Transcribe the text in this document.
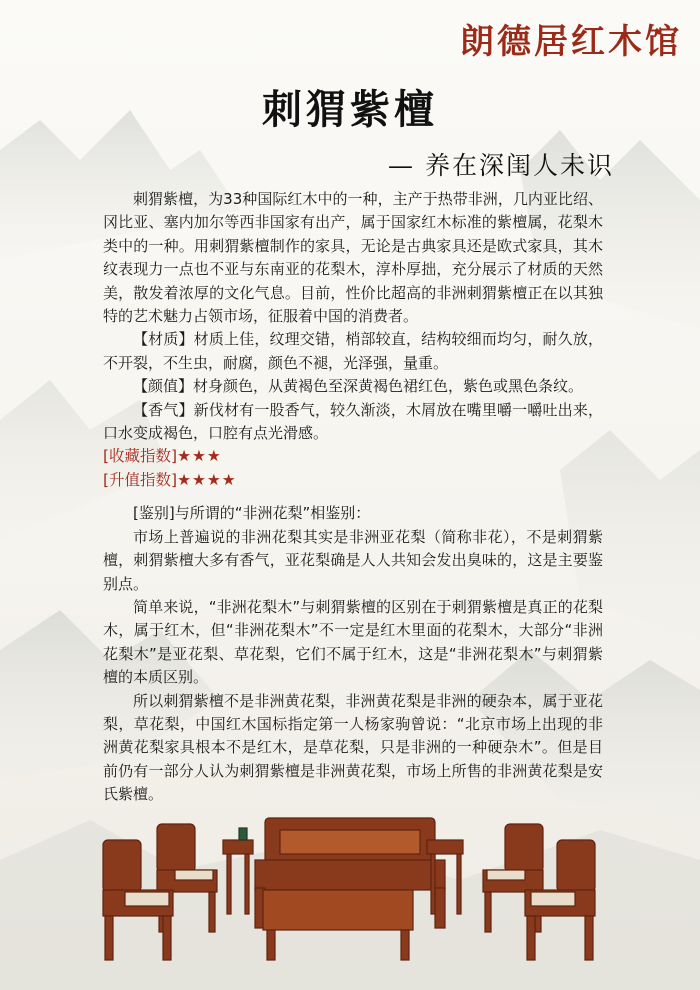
朗德居红木馆
刺猬紫檀
— 养在深闺人未识

刺猬紫檀，为33种国际红木中的一种，主产于热带非洲，几内亚比绍、冈比亚、塞内加尔等西非国家有出产，属于国家红木标准的紫檀属，花梨木类中的一种。用刺猬紫檀制作的家具，无论是古典家具还是欧式家具，其木纹表现力一点也不亚与东南亚的花梨木，淳朴厚拙，充分展示了材质的天然美，散发着浓厚的文化气息。目前，性价比超高的非洲刺猬紫檀正在以其独特的艺术魅力占领市场，征服着中国的消费者。

【材质】材质上佳，纹理交错，梢部较直，结构较细而均匀，耐久放，不开裂，不生虫，耐腐，颜色不褪，光泽强，量重。

【颜值】材身颜色，从黄褐色至深黄褐色裙红色，紫色或黑色条纹。

【香气】新伐材有一股香气，较久渐淡，木屑放在嘴里嚼一嚼吐出来，口水变成褐色，口腔有点光滑感。

[收藏指数]★★★

[升值指数]★★★★

[鉴别]与所谓的“非洲花梨”相鉴别：

市场上普遍说的非洲花梨其实是非洲亚花梨（简称非花），不是刺猬紫檀，刺猬紫檀大多有香气，亚花梨确是人人共知会发出臭味的，这是主要鉴别点。

简单来说，“非洲花梨木”与刺猬紫檀的区别在于刺猬紫檀是真正的花梨木，属于红木，但“非洲花梨木”不一定是红木里面的花梨木，大部分“非洲花梨木”是亚花梨、草花梨，它们不属于红木，这是“非洲花梨木”与刺猬紫檀的本质区别。

所以刺猬紫檀不是非洲黄花梨，非洲黄花梨是非洲的硬杂本，属于亚花梨，草花梨，中国红木国标指定第一人杨家驹曾说：“北京市场上出现的非洲黄花梨家具根本不是红木，是草花梨，只是非洲的一种硬杂木”。但是目前仍有一部分人认为刺猬紫檀是非洲黄花梨，市场上所售的非洲黄花梨是安氏紫檀。
